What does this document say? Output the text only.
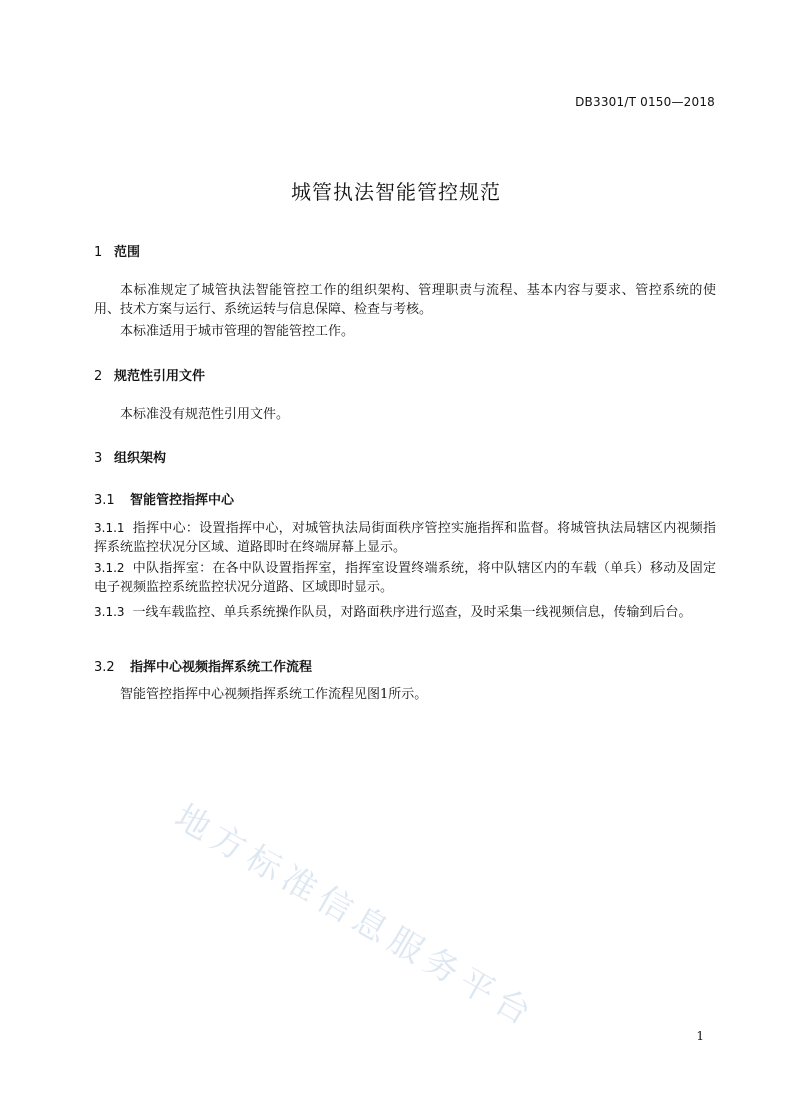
DB3301/T 0150—2018
城管执法智能管控规范
1 范围
本标准规定了城管执法智能管控工作的组织架构、管理职责与流程、基本内容与要求、管控系统的使用、技术方案与运行、系统运转与信息保障、检查与考核。
本标准适用于城市管理的智能管控工作。
2 规范性引用文件
本标准没有规范性引用文件。
3 组织架构
3.1 智能管控指挥中心
3.1.1 指挥中心：设置指挥中心，对城管执法局街面秩序管控实施指挥和监督。将城管执法局辖区内视频指挥系统监控状况分区域、道路即时在终端屏幕上显示。
3.1.2 中队指挥室：在各中队设置指挥室，指挥室设置终端系统，将中队辖区内的车载（单兵）移动及固定电子视频监控系统监控状况分道路、区域即时显示。
3.1.3 一线车载监控、单兵系统操作队员，对路面秩序进行巡查，及时采集一线视频信息，传输到后台。
3.2 指挥中心视频指挥系统工作流程
智能管控指挥中心视频指挥系统工作流程见图1所示。
地方标准信息服务平台	1
